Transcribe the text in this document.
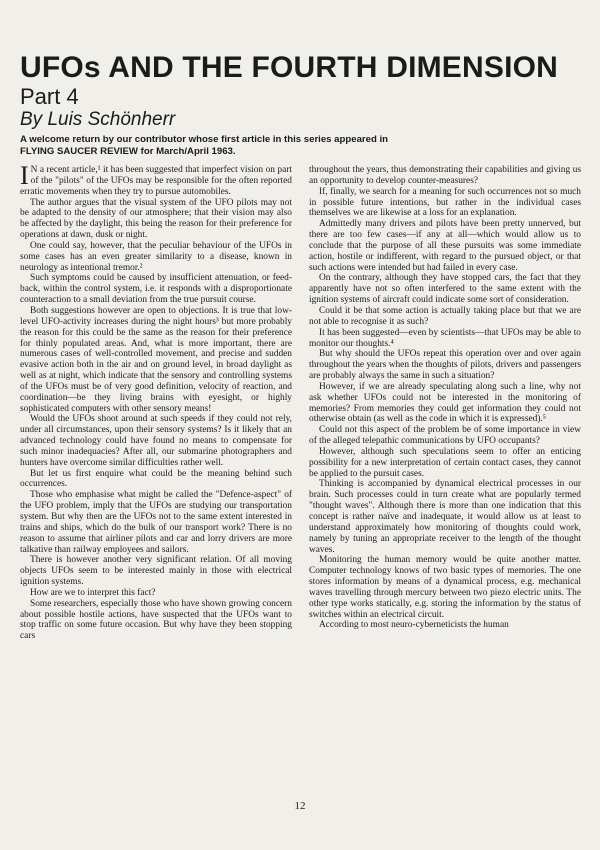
UFOs AND THE FOURTH DIMENSION
Part 4
By Luis Schönherr
A welcome return by our contributor whose first article in this series appeared in
FLYING SAUCER REVIEW for March/April 1963.

I N a recent article,¹ it has been suggested that imperfect vision on part of the "pilots" of the UFOs may be responsible for the often reported erratic movements when they try to pursue automobiles.

The author argues that the visual system of the UFO pilots may not be adapted to the density of our atmosphere; that their vision may also be affected by the daylight, this being the reason for their preference for operations at dawn, dusk or night.

One could say, however, that the peculiar behaviour of the UFOs in some cases has an even greater similarity to a disease, known in neurology as intentional tremor.²

Such symptoms could be caused by insufficient attenuation, or feed-back, within the control system, i.e. it responds with a disproportionate counteraction to a small deviation from the true pursuit course.

Both suggestions however are open to objections. It is true that low-level UFO-activity increases during the night hours³ but more probably the reason for this could be the same as the reason for their preference for thinly populated areas. And, what is more important, there are numerous cases of well-controlled movement, and precise and sudden evasive action both in the air and on ground level, in broad daylight as well as at night, which indicate that the sensory and controlling systems of the UFOs must be of very good definition, velocity of reaction, and coordination—be they living brains with eyesight, or highly sophisticated computers with other sensory means!

Would the UFOs shoot around at such speeds if they could not rely, under all circumstances, upon their sensory systems? Is it likely that an advanced technology could have found no means to compensate for such minor inadequacies? After all, our submarine photographers and hunters have overcome similar difficulties rather well.

But let us first enquire what could be the meaning behind such occurrences.

Those who emphasise what might be called the "Defence-aspect" of the UFO problem, imply that the UFOs are studying our transportation system. But why then are the UFOs not to the same extent interested in trains and ships, which do the bulk of our transport work? There is no reason to assume that airliner pilots and car and lorry drivers are more talkative than railway employees and sailors.

There is however another very significant relation. Of all moving objects UFOs seem to be interested mainly in those with electrical ignition systems.

How are we to interpret this fact?

Some researchers, especially those who have shown growing concern about possible hostile actions, have suspected that the UFOs want to stop traffic on some future occasion. But why have they been stopping cars

throughout the years, thus demonstrating their capabilities and giving us an opportunity to develop counter-measures?

If, finally, we search for a meaning for such occurrences not so much in possible future intentions, but rather in the individual cases themselves we are likewise at a loss for an explanation.

Admittedly many drivers and pilots have been pretty unnerved, but there are too few cases—if any at all—which would allow us to conclude that the purpose of all these pursuits was some immediate action, hostile or indifferent, with regard to the pursued object, or that such actions were intended but had failed in every case.

On the contrary, although they have stopped cars, the fact that they apparently have not so often interfered to the same extent with the ignition systems of aircraft could indicate some sort of consideration.

Could it be that some action is actually taking place but that we are not able to recognise it as such?

It has been suggested—even by scientists—that UFOs may be able to monitor our thoughts.⁴

But why should the UFOs repeat this operation over and over again throughout the years when the thoughts of pilots, drivers and passengers are probably always the same in such a situation?

However, if we are already speculating along such a line, why not ask whether UFOs could not be interested in the monitoring of memories? From memories they could get information they could not otherwise obtain (as well as the code in which it is expressed).⁵

Could not this aspect of the problem be of some importance in view of the alleged telepathic communications by UFO occupants?

However, although such speculations seem to offer an enticing possibility for a new interpretation of certain contact cases, they cannot be applied to the pursuit cases.

Thinking is accompanied by dynamical electrical processes in our brain. Such processes could in turn create what are popularly termed "thought waves". Although there is more than one indication that this concept is rather naïve and inadequate, it would allow us at least to understand approximately how monitoring of thoughts could work, namely by tuning an appropriate receiver to the length of the thought waves.

Monitoring the human memory would be quite another matter. Computer technology knows of two basic types of memories. The one stores information by means of a dynamical process, e.g. mechanical waves travelling through mercury between two piezo electric units. The other type works statically, e.g. storing the information by the status of switches within an electrical circuit.

According to most neuro-cyberneticists the human

12
